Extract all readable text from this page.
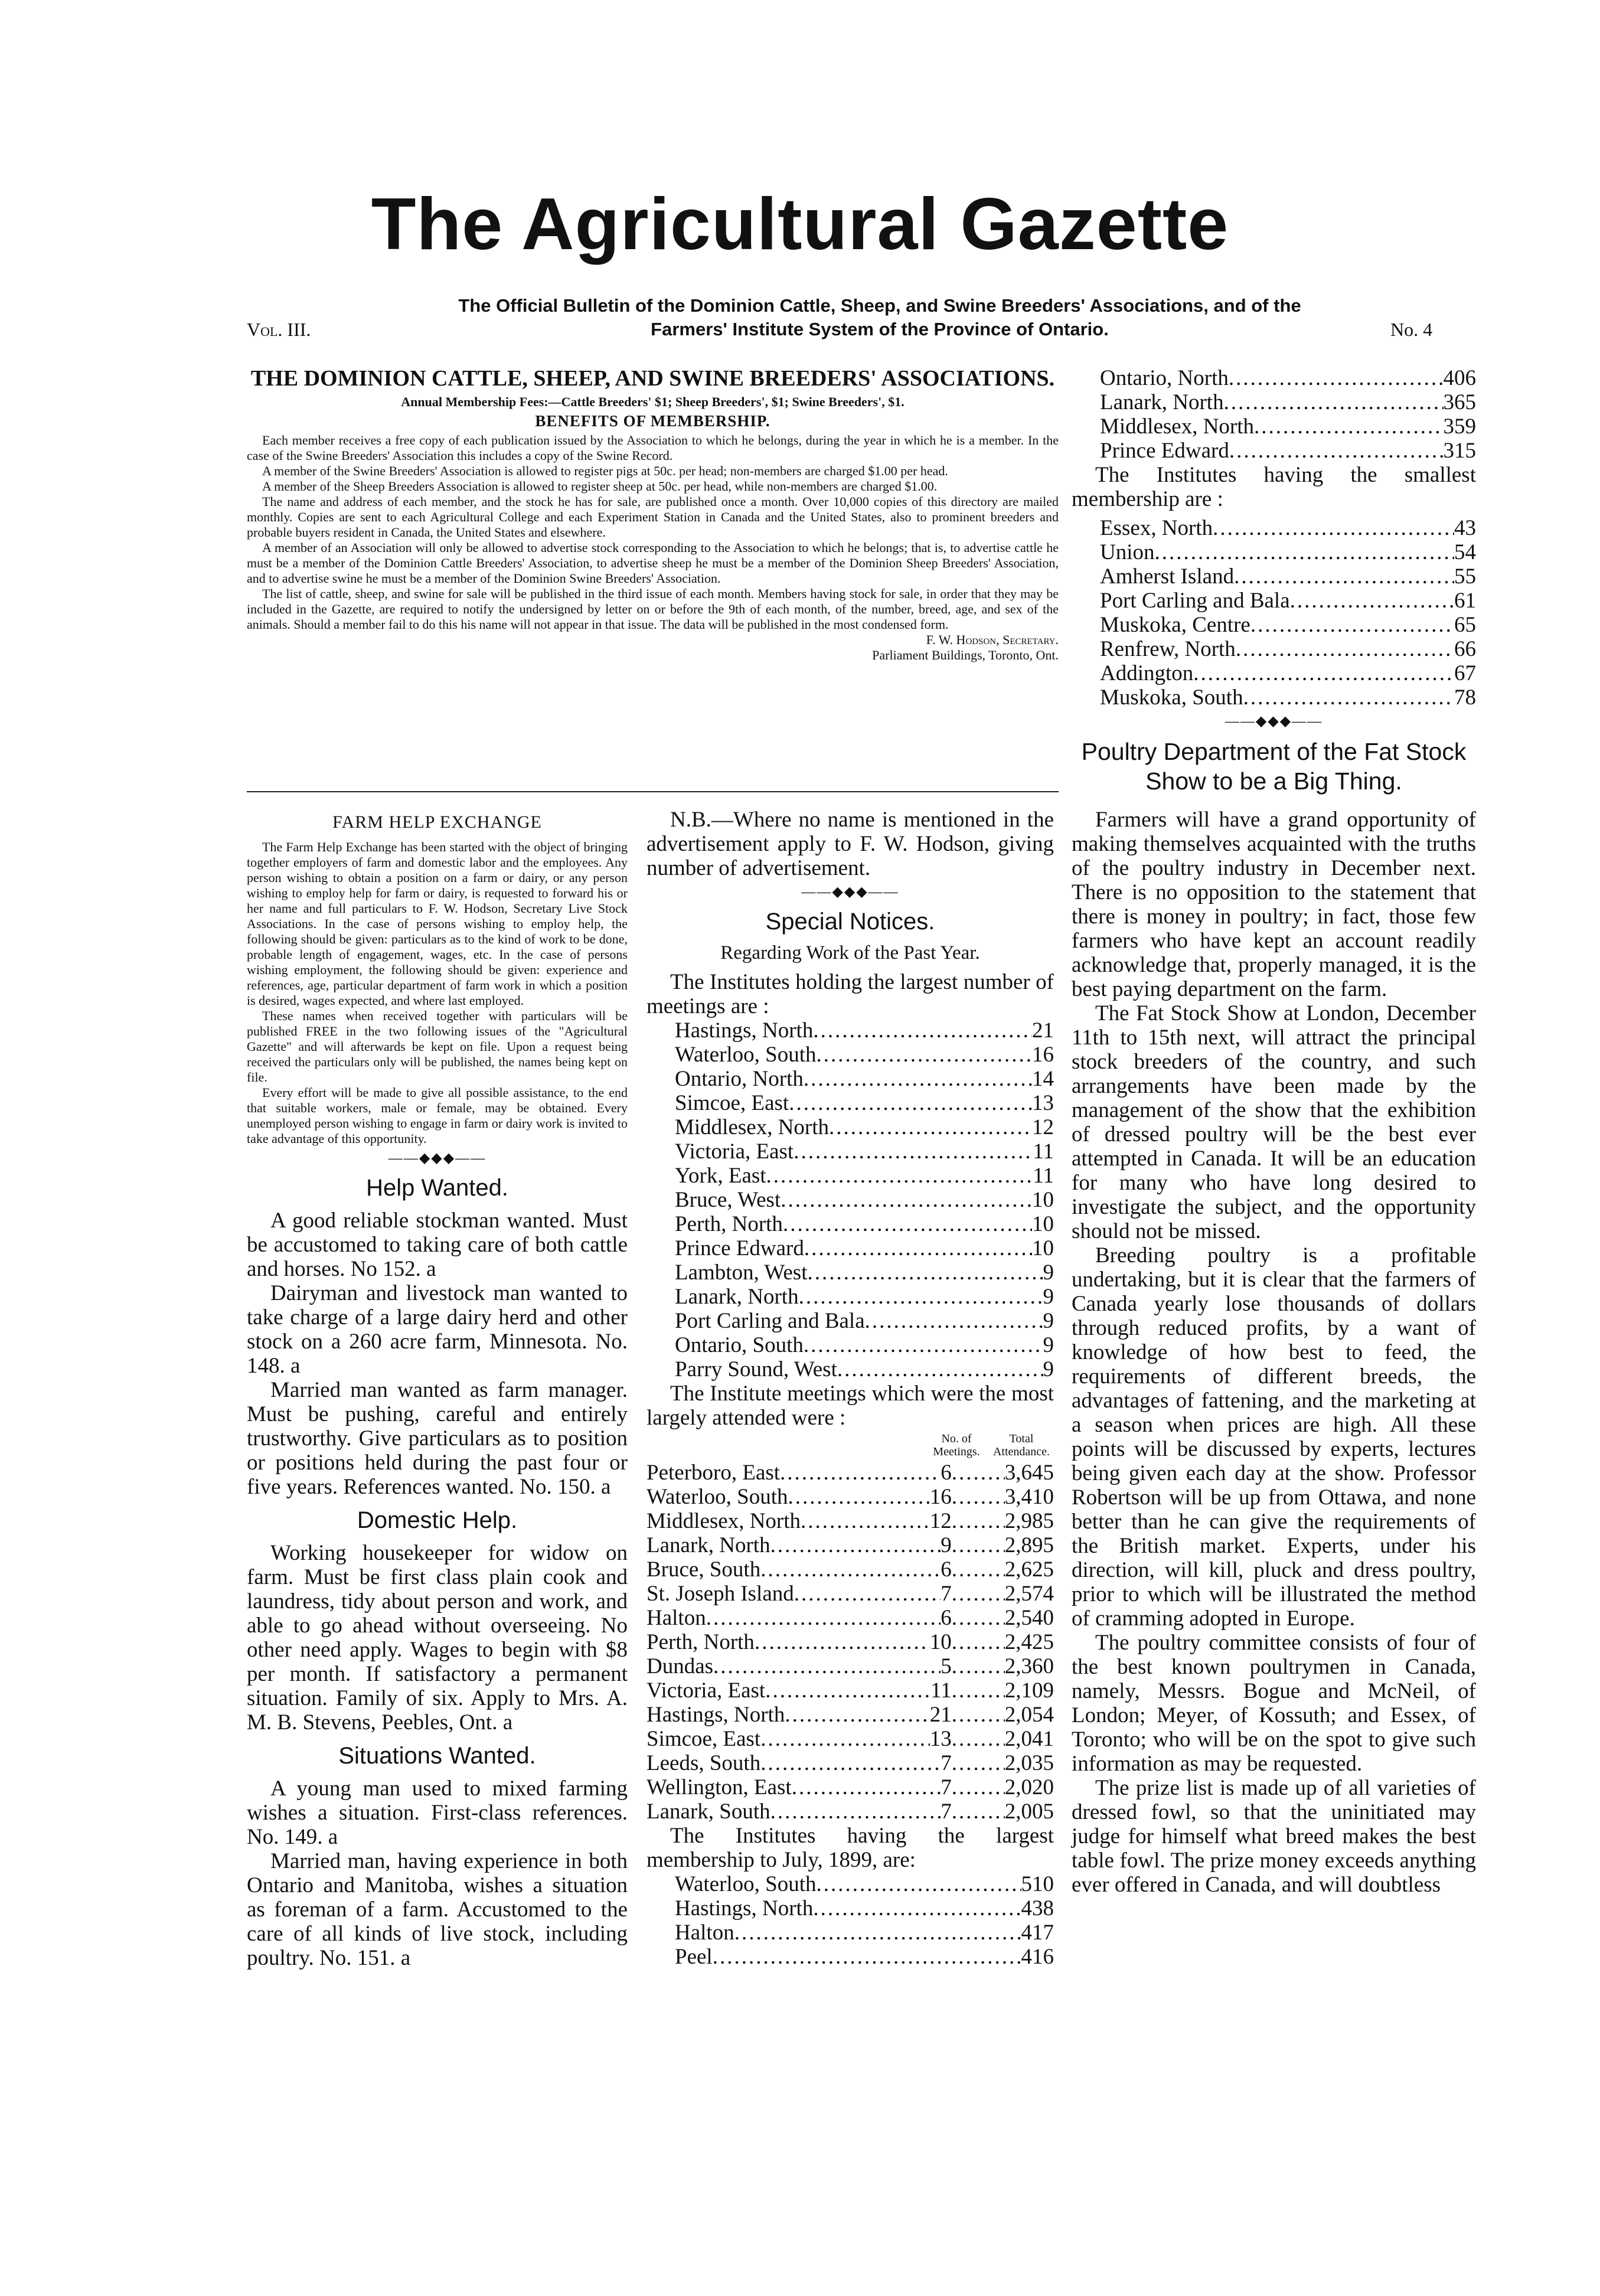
The Agricultural Gazette
The Official Bulletin of the Dominion Cattle, Sheep, and Swine Breeders' Associations, and of the
Farmers' Institute System of the Province of Ontario.
Vol. III.	No. 4

THE DOMINION CATTLE, SHEEP, AND SWINE BREEDERS' ASSOCIATIONS.

Annual Membership Fees:—Cattle Breeders' $1; Sheep Breeders', $1; Swine Breeders', $1.

BENEFITS OF MEMBERSHIP.

Each member receives a free copy of each publication issued by the Association to which he belongs, during the year in which he is a member. In the case of the Swine Breeders' Association this includes a copy of the Swine Record.

A member of the Swine Breeders' Association is allowed to register pigs at 50c. per head; non-members are charged $1.00 per head.

A member of the Sheep Breeders Association is allowed to register sheep at 50c. per head, while non-members are charged $1.00.

The name and address of each member, and the stock he has for sale, are published once a month. Over 10,000 copies of this directory are mailed monthly. Copies are sent to each Agricultural College and each Experiment Station in Canada and the United States, also to prominent breeders and probable buyers resident in Canada, the United States and elsewhere.

A member of an Association will only be allowed to advertise stock corresponding to the Association to which he belongs; that is, to advertise cattle he must be a member of the Dominion Cattle Breeders' Association, to advertise sheep he must be a member of the Dominion Sheep Breeders' Association, and to advertise swine he must be a member of the Dominion Swine Breeders' Association.

The list of cattle, sheep, and swine for sale will be published in the third issue of each month. Members having stock for sale, in order that they may be included in the Gazette, are required to notify the undersigned by letter on or before the 9th of each month, of the number, breed, age, and sex of the animals. Should a member fail to do this his name will not appear in that issue. The data will be published in the most condensed form.

F. W. Hodson, Secretary.

Parliament Buildings, Toronto, Ont.

FARM HELP EXCHANGE

The Farm Help Exchange has been started with the object of bringing together employers of farm and domestic labor and the employees. Any person wishing to obtain a position on a farm or dairy, or any person wishing to employ help for farm or dairy, is requested to forward his or her name and full particulars to F. W. Hodson, Secretary Live Stock Associations. In the case of persons wishing to employ help, the following should be given: particulars as to the kind of work to be done, probable length of engagement, wages, etc. In the case of persons wishing employment, the following should be given: experience and references, age, particular department of farm work in which a position is desired, wages expected, and where last employed.

These names when received together with particulars will be published FREE in the two following issues of the "Agricultural Gazette" and will afterwards be kept on file. Upon a request being received the particulars only will be published, the names being kept on file.

Every effort will be made to give all possible assistance, to the end that suitable workers, male or female, may be obtained. Every unemployed person wishing to engage in farm or dairy work is invited to take advantage of this opportunity.

——◆◆◆——
Help Wanted.

A good reliable stockman wanted. Must be accustomed to taking care of both cattle and horses. No 152. a

Dairyman and livestock man wanted to take charge of a large dairy herd and other stock on a 260 acre farm, Minnesota. No. 148. a

Married man wanted as farm manager. Must be pushing, careful and entirely trustworthy. Give particulars as to position or positions held during the past four or five years. References wanted. No. 150. a

Domestic Help.

Working housekeeper for widow on farm. Must be first class plain cook and laundress, tidy about person and work, and able to go ahead without overseeing. No other need apply. Wages to begin with $8 per month. If satisfactory a permanent situation. Family of six. Apply to Mrs. A. M. B. Stevens, Peebles, Ont. a

Situations Wanted.

A young man used to mixed farming wishes a situation. First-class references. No. 149. a

Married man, having experience in both Ontario and Manitoba, wishes a situation as foreman of a farm. Accustomed to the care of all kinds of live stock, including poultry. No. 151. a

N.B.—Where no name is mentioned in the advertisement apply to F. W. Hodson, giving number of advertisement.

——◆◆◆——
Special Notices.
Regarding Work of the Past Year.

The Institutes holding the largest number of meetings are :

Hastings, North .....	21
Waterloo, South .....	16
Ontario, North .....	14
Simcoe, East .....	13
Middlesex, North .....	12
Victoria, East .....	11
York, East .....	11
Bruce, West .....	10
Perth, North .....	10
Prince Edward .....	10
Lambton, West .....	9
Lanark, North .....	9
Port Carling and Bala .....	9
Ontario, South .....	9
Parry Sound, West .....	9

The Institute meetings which were the most largely attended were :

No. of Meetings.
Total Attendance.
Peterboro, East .....	6 ..... 3,645
Waterloo, South .....	16 ..... 3,410
Middlesex, North .....	12 ..... 2,985
Lanark, North .....	9 ..... 2,895
Bruce, South .....	6 ..... 2,625
St. Joseph Island .....	7 ..... 2,574
Halton .....	6 ..... 2,540
Perth, North .....	10 ..... 2,425
Dundas .....	5 ..... 2,360
Victoria, East .....	11 ..... 2,109
Hastings, North .....	21 ..... 2,054
Simcoe, East .....	13 ..... 2,041
Leeds, South .....	7 ..... 2,035
Wellington, East .....	7 ..... 2,020
Lanark, South .....	7 ..... 2,005

The Institutes having the largest membership to July, 1899, are:

Waterloo, South .....	510
Hastings, North .....	438
Halton .....	417
Peel .....	416
Ontario, North .....	406
Lanark, North .....	365
Middlesex, North .....	359
Prince Edward .....	315

The Institutes having the smallest membership are :

Essex, North .....	43
Union .....	54
Amherst Island .....	55
Port Carling and Bala .....	61
Muskoka, Centre .....	65
Renfrew, North .....	66
Addington .....	67
Muskoka, South .....	78
——◆◆◆——
Poultry Department of the Fat Stock Show to be a Big Thing.

Farmers will have a grand opportunity of making themselves acquainted with the truths of the poultry industry in December next. There is no opposition to the statement that there is money in poultry; in fact, those few farmers who have kept an account readily acknowledge that, properly managed, it is the best paying department on the farm.

The Fat Stock Show at London, December 11th to 15th next, will attract the principal stock breeders of the country, and such arrangements have been made by the management of the show that the exhibition of dressed poultry will be the best ever attempted in Canada. It will be an education for many who have long desired to investigate the subject, and the opportunity should not be missed.

Breeding poultry is a profitable undertaking, but it is clear that the farmers of Canada yearly lose thousands of dollars through reduced profits, by a want of knowledge of how best to feed, the requirements of different breeds, the advantages of fattening, and the marketing at a season when prices are high. All these points will be discussed by experts, lectures being given each day at the show. Professor Robertson will be up from Ottawa, and none better than he can give the requirements of the British market. Experts, under his direction, will kill, pluck and dress poultry, prior to which will be illustrated the method of cramming adopted in Europe.

The poultry committee consists of four of the best known poultrymen in Canada, namely, Messrs. Bogue and McNeil, of London; Meyer, of Kossuth; and Essex, of Toronto; who will be on the spot to give such information as may be requested.

The prize list is made up of all varieties of dressed fowl, so that the uninitiated may judge for himself what breed makes the best table fowl. The prize money exceeds anything ever offered in Canada, and will doubtless
